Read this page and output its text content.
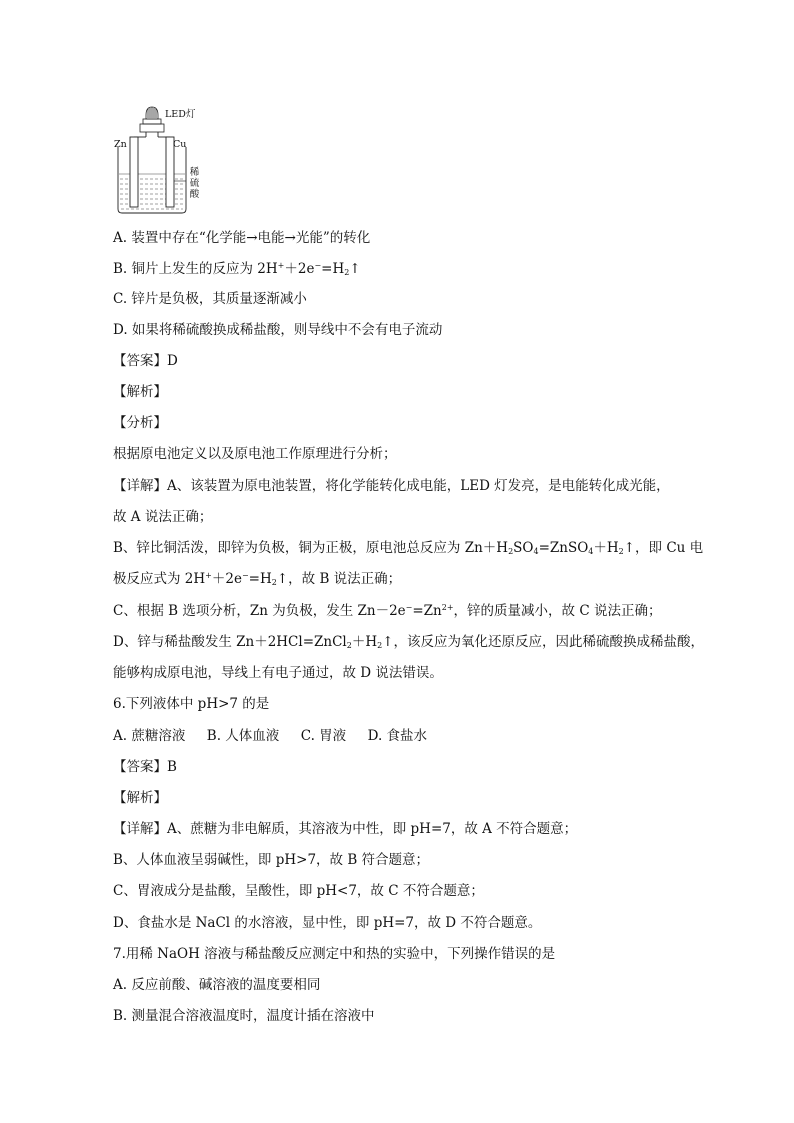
LED灯
Zn	Cu
稀硫酸
A. 装置中存在“化学能→电能→光能”的转化
B. 铜片上发生的反应为 $2H^++2e^-=H_2↑$
C. 锌片是负极，其质量逐渐减小
D. 如果将稀硫酸换成稀盐酸，则导线中不会有电子流动
【答案】D
【解析】
【分析】
根据原电池定义以及原电池工作原理进行分析；
【详解】A、该装置为原电池装置，将化学能转化成电能，LED 灯发亮，是电能转化成光能，
故 A 说法正确；
B、锌比铜活泼，即锌为负极，铜为正极，原电池总反应为 $Zn+H_2SO_4=ZnSO_4+H_2↑$，即 Cu 电
极反应式为 $2H^++2e^-=H_2↑$，故 B 说法正确；
C、根据 B 选项分析，Zn 为负极，发生 $Zn-2e^-=Zn^{2+}$，锌的质量减小，故 C 说法正确；
D、锌与稀盐酸发生 $Zn+2HCl=ZnCl_2+H_2↑$，该反应为氧化还原反应，因此稀硫酸换成稀盐酸，
能够构成原电池，导线上有电子通过，故 D 说法错误。
6.下列液体中 pH>7 的是
A. 蔗糖溶液     B. 人体血液     C. 胃液     D. 食盐水
【答案】B
【解析】
【详解】A、蔗糖为非电解质，其溶液为中性，即 pH=7，故 A 不符合题意；
B、人体血液呈弱碱性，即 pH>7，故 B 符合题意；
C、胃液成分是盐酸，呈酸性，即 pH<7，故 C 不符合题意；
D、食盐水是 NaCl 的水溶液，显中性，即 pH=7，故 D 不符合题意。
7.用稀 NaOH 溶液与稀盐酸反应测定中和热的实验中，下列操作错误的是
A. 反应前酸、碱溶液的温度要相同
B. 测量混合溶液温度时，温度计插在溶液中
